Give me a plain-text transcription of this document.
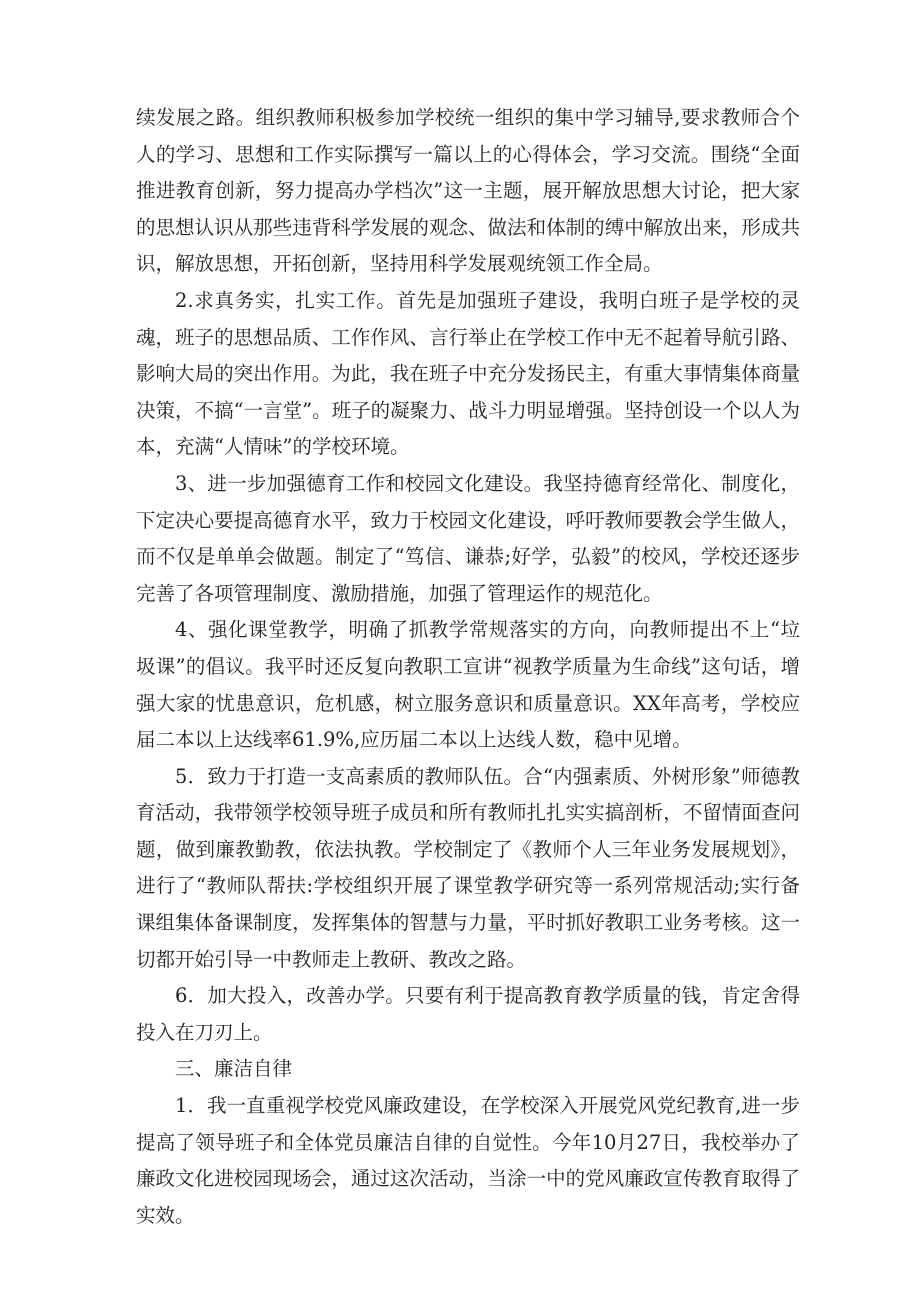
续发展之路。组织教师积极参加学校统一组织的集中学习辅导,要求教师合个人的学习、思想和工作实际撰写一篇以上的心得体会，学习交流。围绕“全面推进教育创新，努力提高办学档次”这一主题，展开解放思想大讨论，把大家的思想认识从那些违背科学发展的观念、做法和体制的缚中解放出来，形成共识，解放思想，开拓创新，坚持用科学发展观统领工作全局。

2.求真务实，扎实工作。首先是加强班子建设，我明白班子是学校的灵魂，班子的思想品质、工作作风、言行举止在学校工作中无不起着导航引路、影响大局的突出作用。为此，我在班子中充分发扬民主，有重大事情集体商量决策，不搞“一言堂”。班子的凝聚力、战斗力明显增强。坚持创设一个以人为本，充满“人情味”的学校环境。

3、进一步加强德育工作和校园文化建设。我坚持德育经常化、制度化，下定决心要提高德育水平，致力于校园文化建设，呼吁教师要教会学生做人，而不仅是单单会做题。制定了“笃信、谦恭;好学，弘毅”的校风，学校还逐步完善了各项管理制度、激励措施，加强了管理运作的规范化。

4、强化课堂教学，明确了抓教学常规落实的方向，向教师提出不上“垃圾课”的倡议。我平时还反复向教职工宣讲“视教学质量为生命线”这句话，增强大家的忧患意识，危机感，树立服务意识和质量意识。XX年高考，学校应届二本以上达线率61.9%,应历届二本以上达线人数，稳中见增。

5．致力于打造一支高素质的教师队伍。合“内强素质、外树形象”师德教育活动，我带领学校领导班子成员和所有教师扎扎实实搞剖析，不留情面查问题，做到廉教勤教，依法执教。学校制定了《教师个人三年业务发展规划》，进行了“教师队帮扶:学校组织开展了课堂教学研究等一系列常规活动;实行备课组集体备课制度，发挥集体的智慧与力量，平时抓好教职工业务考核。这一切都开始引导一中教师走上教研、教改之路。

6．加大投入，改善办学。只要有利于提高教育教学质量的钱，肯定舍得投入在刀刃上。

三、廉洁自律

1．我一直重视学校党风廉政建设，在学校深入开展党风党纪教育,进一步提高了领导班子和全体党员廉洁自律的自觉性。今年10月27日，我校举办了廉政文化进校园现场会，通过这次活动，当涂一中的党风廉政宣传教育取得了实效。
